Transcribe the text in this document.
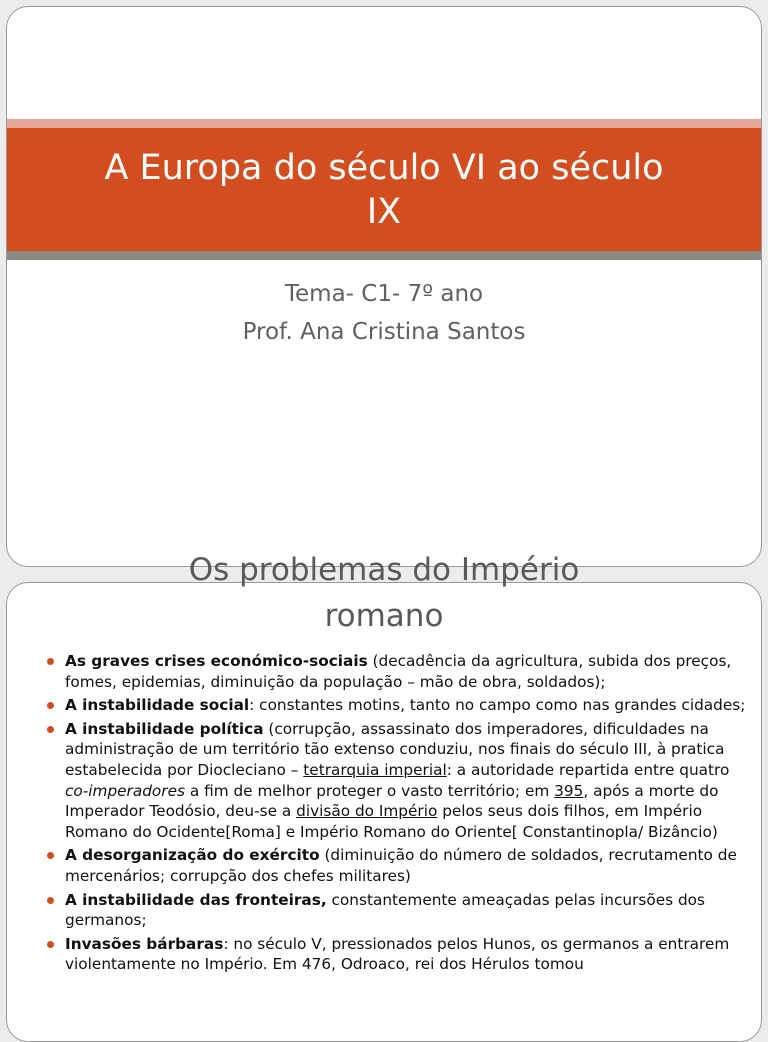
A Europa do século VI ao século IX
Tema- C1- 7º ano
Prof. Ana Cristina Santos
Os problemas do Império
romano
As graves crises económico-sociais (decadência da agricultura, subida dos preços, fomes, epidemias, diminuição da população – mão de obra, soldados);
A instabilidade social: constantes motins, tanto no campo como nas grandes cidades;
A instabilidade política (corrupção, assassinato dos imperadores, dificuldades na administração de um território tão extenso conduziu, nos finais do século III, à pratica estabelecida por Diocleciano – tetrarquia imperial: a autoridade repartida entre quatro co-imperadores a fim de melhor proteger o vasto território; em 395, após a morte do Imperador Teodósio, deu-se a divisão do Império pelos seus dois filhos, em Império Romano do Ocidente[Roma] e Império Romano do Oriente[ Constantinopla/ Bizâncio)
A desorganização do exército (diminuição do número de soldados, recrutamento de mercenários; corrupção dos chefes militares)
A instabilidade das fronteiras, constantemente ameaçadas pelas incursões dos germanos;
Invasões bárbaras: no século V, pressionados pelos Hunos, os germanos a entrarem violentamente no Império. Em 476, Odroaco, rei dos Hérulos tomou
